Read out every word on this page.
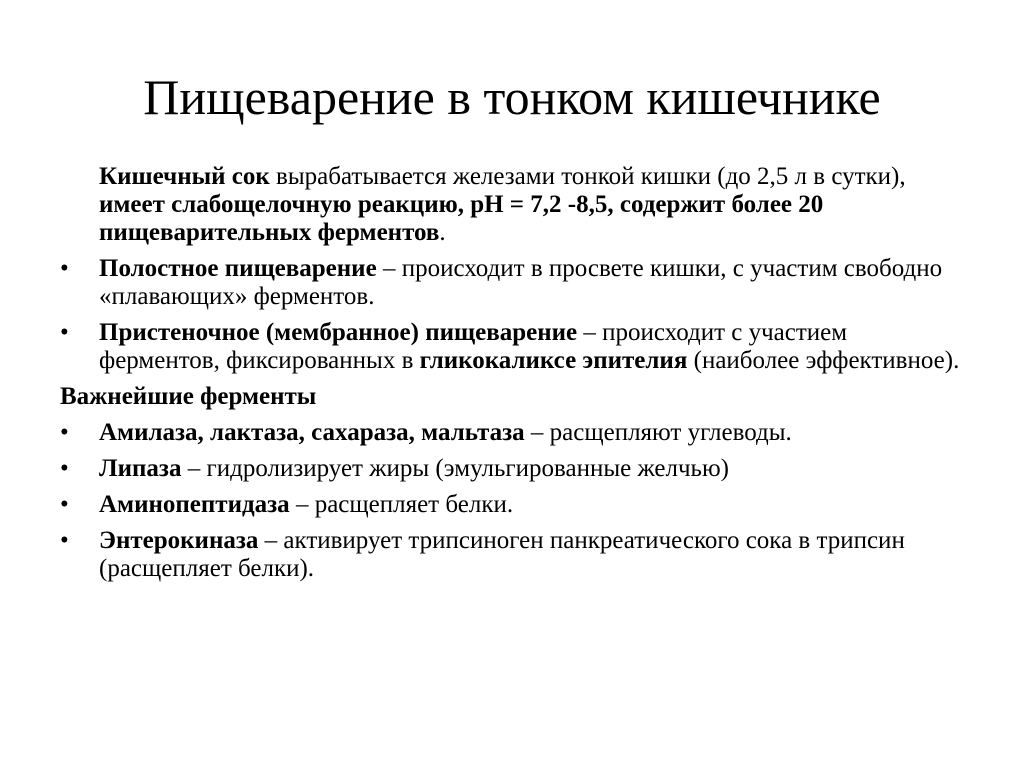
Пищеварение в тонком кишечнике

Кишечный сок вырабатывается железами тонкой кишки (до 2,5 л в сутки), имеет слабощелочную реакцию, рН = 7,2 -8,5, содержит более 20 пищеварительных ферментов.

•	Полостное пищеварение – происходит в просвете кишки, с участим свободно «плавающих» ферментов.

•	Пристеночное (мембранное) пищеварение – происходит с участием ферментов, фиксированных в гликокаликсе эпителия (наиболее эффективное).

Важнейшие ферменты

•	Амилаза, лактаза, сахараза, мальтаза – расщепляют углеводы.

•	Липаза – гидролизирует жиры (эмульгированные желчью)

•	Аминопептидаза – расщепляет белки.

•	Энтерокиназа – активирует трипсиноген панкреатического сока в трипсин (расщепляет белки).
